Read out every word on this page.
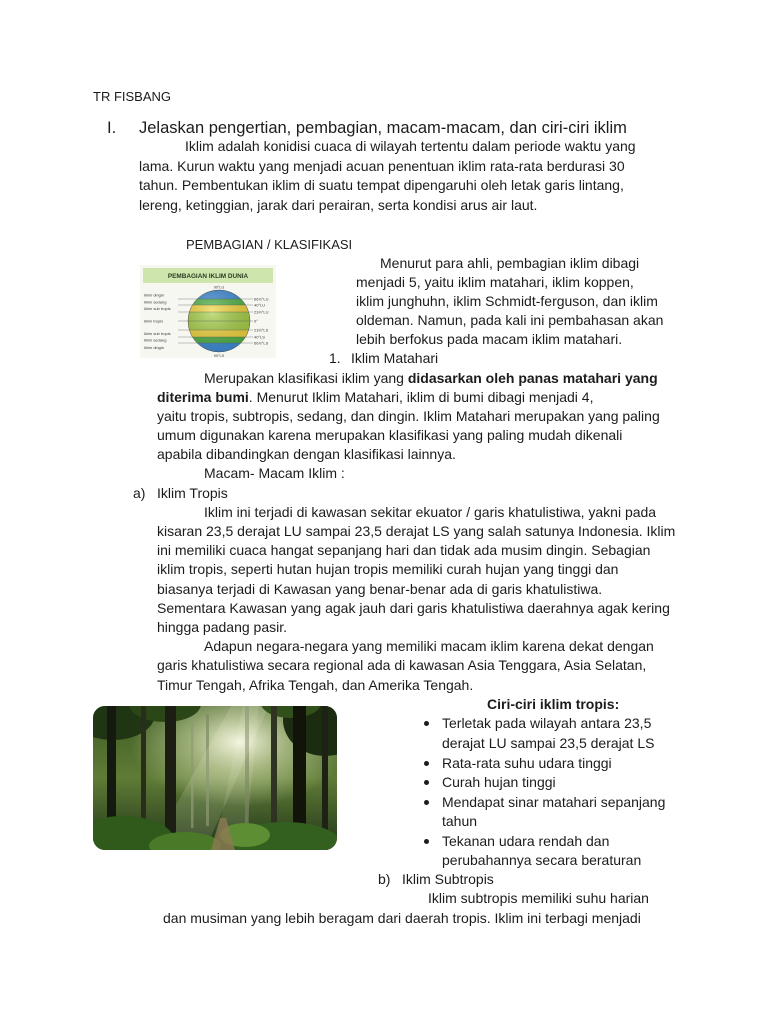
TR FISBANG
I. Jelaskan pengertian, pembagian, macam-macam, dan ciri-ciri iklim
Iklim adalah konidisi cuaca di wilayah tertentu dalam periode waktu yang
lama. Kurun waktu yang menjadi acuan penentuan iklim rata-rata berdurasi 30
tahun. Pembentukan iklim di suatu tempat dipengaruhi oleh letak garis lintang,
lereng, ketinggian, jarak dari perairan, serta kondisi arus air laut.
PEMBAGIAN / KLASIFIKASI
PEMBAGIAN IKLIM DUNIA
90°LU
90°LS
Iklim dingin
Iklim sedang
Iklim sub tropis
Iklim tropis
Iklim sub tropis
Iklim sedang
Iklim dingin
66½°LU
40°LU
23½°LU
0°
23½°LS
40°LS
66½°LS
Menurut para ahli, pembagian iklim dibagi
menjadi 5, yaitu iklim matahari, iklim koppen,
iklim junghuhn, iklim Schmidt-ferguson, dan iklim
oldeman. Namun, pada kali ini pembahasan akan
lebih berfokus pada macam iklim matahari.
1. Iklim Matahari
Merupakan klasifikasi iklim yang didasarkan oleh panas matahari yang
diterima bumi. Menurut Iklim Matahari, iklim di bumi dibagi menjadi 4,
yaitu tropis, subtropis, sedang, dan dingin. Iklim Matahari merupakan yang paling
umum digunakan karena merupakan klasifikasi yang paling mudah dikenali
apabila dibandingkan dengan klasifikasi lainnya.
Macam- Macam Iklim :
a) Iklim Tropis
Iklim ini terjadi di kawasan sekitar ekuator / garis khatulistiwa, yakni pada
kisaran 23,5 derajat LU sampai 23,5 derajat LS yang salah satunya Indonesia. Iklim
ini memiliki cuaca hangat sepanjang hari dan tidak ada musim dingin. Sebagian
iklim tropis, seperti hutan hujan tropis memiliki curah hujan yang tinggi dan
biasanya terjadi di Kawasan yang benar-benar ada di garis khatulistiwa.
Sementara Kawasan yang agak jauh dari garis khatulistiwa daerahnya agak kering
hingga padang pasir.
Adapun negara-negara yang memiliki macam iklim karena dekat dengan
garis khatulistiwa secara regional ada di kawasan Asia Tenggara, Asia Selatan,
Timur Tengah, Afrika Tengah, dan Amerika Tengah.
Ciri-ciri iklim tropis:
Terletak pada wilayah antara 23,5
derajat LU sampai 23,5 derajat LS
Rata-rata suhu udara tinggi
Curah hujan tinggi
Mendapat sinar matahari sepanjang
tahun
Tekanan udara rendah dan
perubahannya secara beraturan
b) Iklim Subtropis
Iklim subtropis memiliki suhu harian
dan musiman yang lebih beragam dari daerah tropis. Iklim ini terbagi menjadi
